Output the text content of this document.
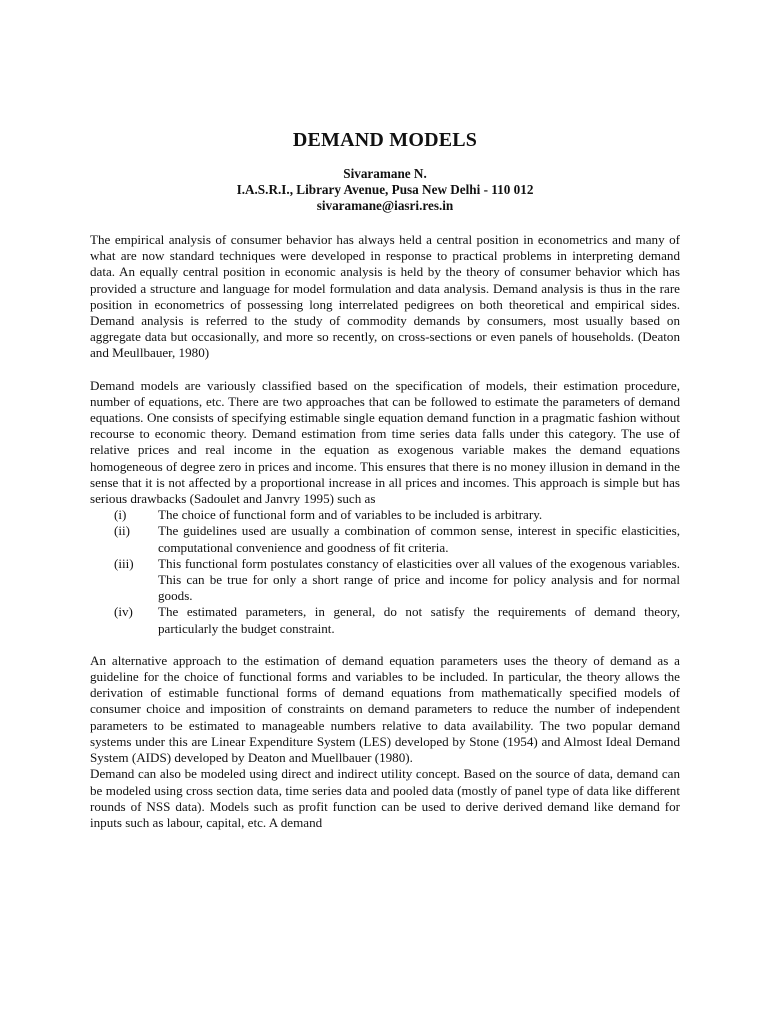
DEMAND MODELS
Sivaramane N.
I.A.S.R.I., Library Avenue, Pusa New Delhi - 110 012
sivaramane@iasri.res.in

The empirical analysis of consumer behavior has always held a central position in econometrics and many of what are now standard techniques were developed in response to practical problems in interpreting demand data. An equally central position in economic analysis is held by the theory of consumer behavior which has provided a structure and language for model formulation and data analysis. Demand analysis is thus in the rare position in econometrics of possessing long interrelated pedigrees on both theoretical and empirical sides. Demand analysis is referred to the study of commodity demands by consumers, most usually based on aggregate data but occasionally, and more so recently, on cross-sections or even panels of households. (Deaton and Meullbauer, 1980)

Demand models are variously classified based on the specification of models, their estimation procedure, number of equations, etc. There are two approaches that can be followed to estimate the parameters of demand equations. One consists of specifying estimable single equation demand function in a pragmatic fashion without recourse to economic theory. Demand estimation from time series data falls under this category. The use of relative prices and real income in the equation as exogenous variable makes the demand equations homogeneous of degree zero in prices and income. This ensures that there is no money illusion in demand in the sense that it is not affected by a proportional increase in all prices and incomes. This approach is simple but has serious drawbacks (Sadoulet and Janvry 1995) such as

(i)	The choice of functional form and of variables to be included is arbitrary.
(ii)	The guidelines used are usually a combination of common sense, interest in specific elasticities, computational convenience and goodness of fit criteria.
(iii)	This functional form postulates constancy of elasticities over all values of the exogenous variables. This can be true for only a short range of price and income for policy analysis and for normal goods.
(iv)	The estimated parameters, in general, do not satisfy the requirements of demand theory, particularly the budget constraint.

An alternative approach to the estimation of demand equation parameters uses the theory of demand as a guideline for the choice of functional forms and variables to be included. In particular, the theory allows the derivation of estimable functional forms of demand equations from mathematically specified models of consumer choice and imposition of constraints on demand parameters to reduce the number of independent parameters to be estimated to manageable numbers relative to data availability. The two popular demand systems under this are Linear Expenditure System (LES) developed by Stone (1954) and Almost Ideal Demand System (AIDS) developed by Deaton and Muellbauer (1980).

Demand can also be modeled using direct and indirect utility concept. Based on the source of data, demand can be modeled using cross section data, time series data and pooled data (mostly of panel type of data like different rounds of NSS data). Models such as profit function can be used to derive derived demand like demand for inputs such as labour, capital, etc. A demand
